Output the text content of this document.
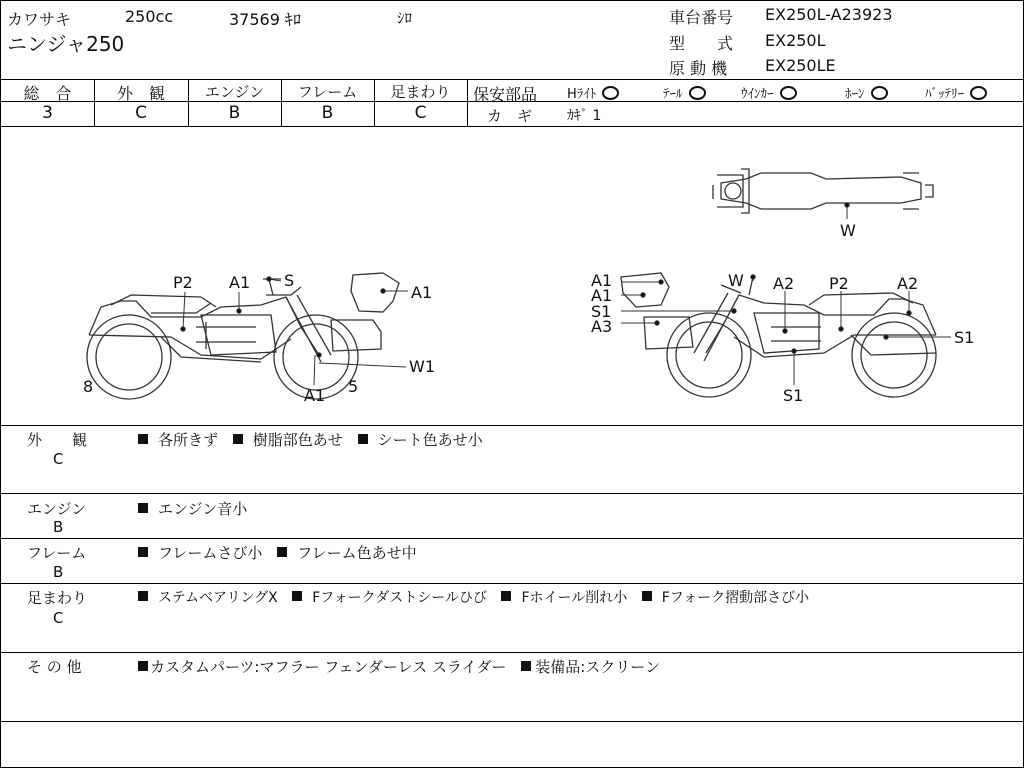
カワサキ	250cc	37569 ｷﾛ	ｼﾛ
ニンジャ250
車台番号 EX250L-A23923
型　　式 EX250L
原 動 機 EX250LE
総　合	外　観	エンジン	フレーム	足まわり
3	C	B	B	C
保安部品 Hﾗｲﾄ	ﾃｰﾙ	ｳｲﾝｶｰ	ﾎｰﾝ	ﾊﾞｯﾃﾘｰ
カ　ギ ｶｷﾞ 1
P2 A1 S
A1
W1
A1 5
8
A1
A1
S1
A3
W A2 P2	A2
S1
S1
W
外　　観
C
各所きず 樹脂部色あせ シート色あせ小
エンジン
B
エンジン音小
フレーム
B
フレームさび小 フレーム色あせ中
足まわり
C
ステムベアリングX Fフォークダストシールひび Fホイール削れ小 Fフォーク摺動部さび小
そ の 他	カスタムパーツ:マフラー フェンダーレス スライダー 装備品:スクリーン
